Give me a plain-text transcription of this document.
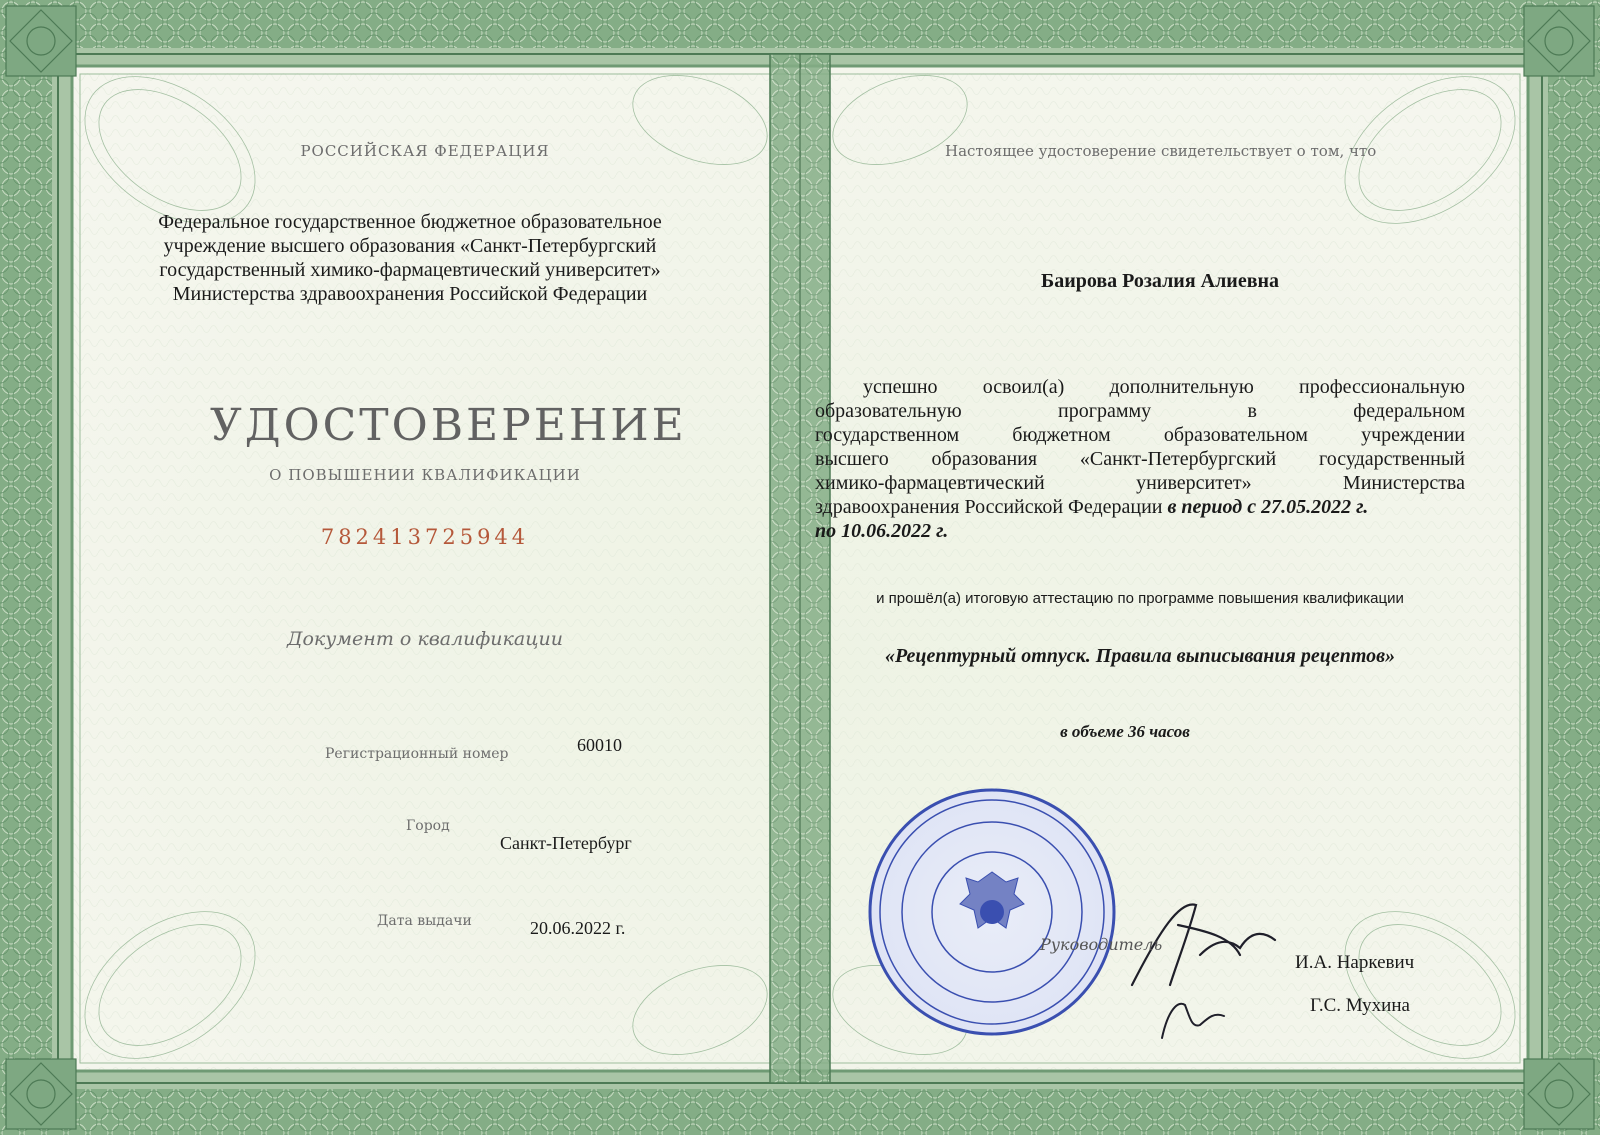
РОССИЙСКАЯ ФЕДЕРАЦИЯ
Федеральное государственное бюджетное образовательное
учреждение высшего образования «Санкт-Петербургский
государственный химико-фармацевтический университет»
Министерства здравоохранения Российской Федерации
УДОСТОВЕРЕНИЕ
О ПОВЫШЕНИИ КВАЛИФИКАЦИИ
782413725944
Документ о квалификации
Регистрационный номер	60010
Город
Санкт-Петербург
Дата выдачи	20.06.2022 г.
Настоящее удостоверение свидетельствует о том, что
Баирова Розалия Алиевна
успешно освоил(а) дополнительную профессиональную
образовательную программу в федеральном
государственном бюджетном образовательном учреждении
высшего образования «Санкт-Петербургский государственный
химико-фармацевтический университет» Министерства
здравоохранения Российской Федерации в период с 27.05.2022 г.
по 10.06.2022 г.
и прошёл(а) итоговую аттестацию по программе повышения квалификации
«Рецептурный отпуск. Правила выписывания рецептов»
в объеме 36 часов
Руководитель
И.А. Наркевич
Г.С. Мухина
